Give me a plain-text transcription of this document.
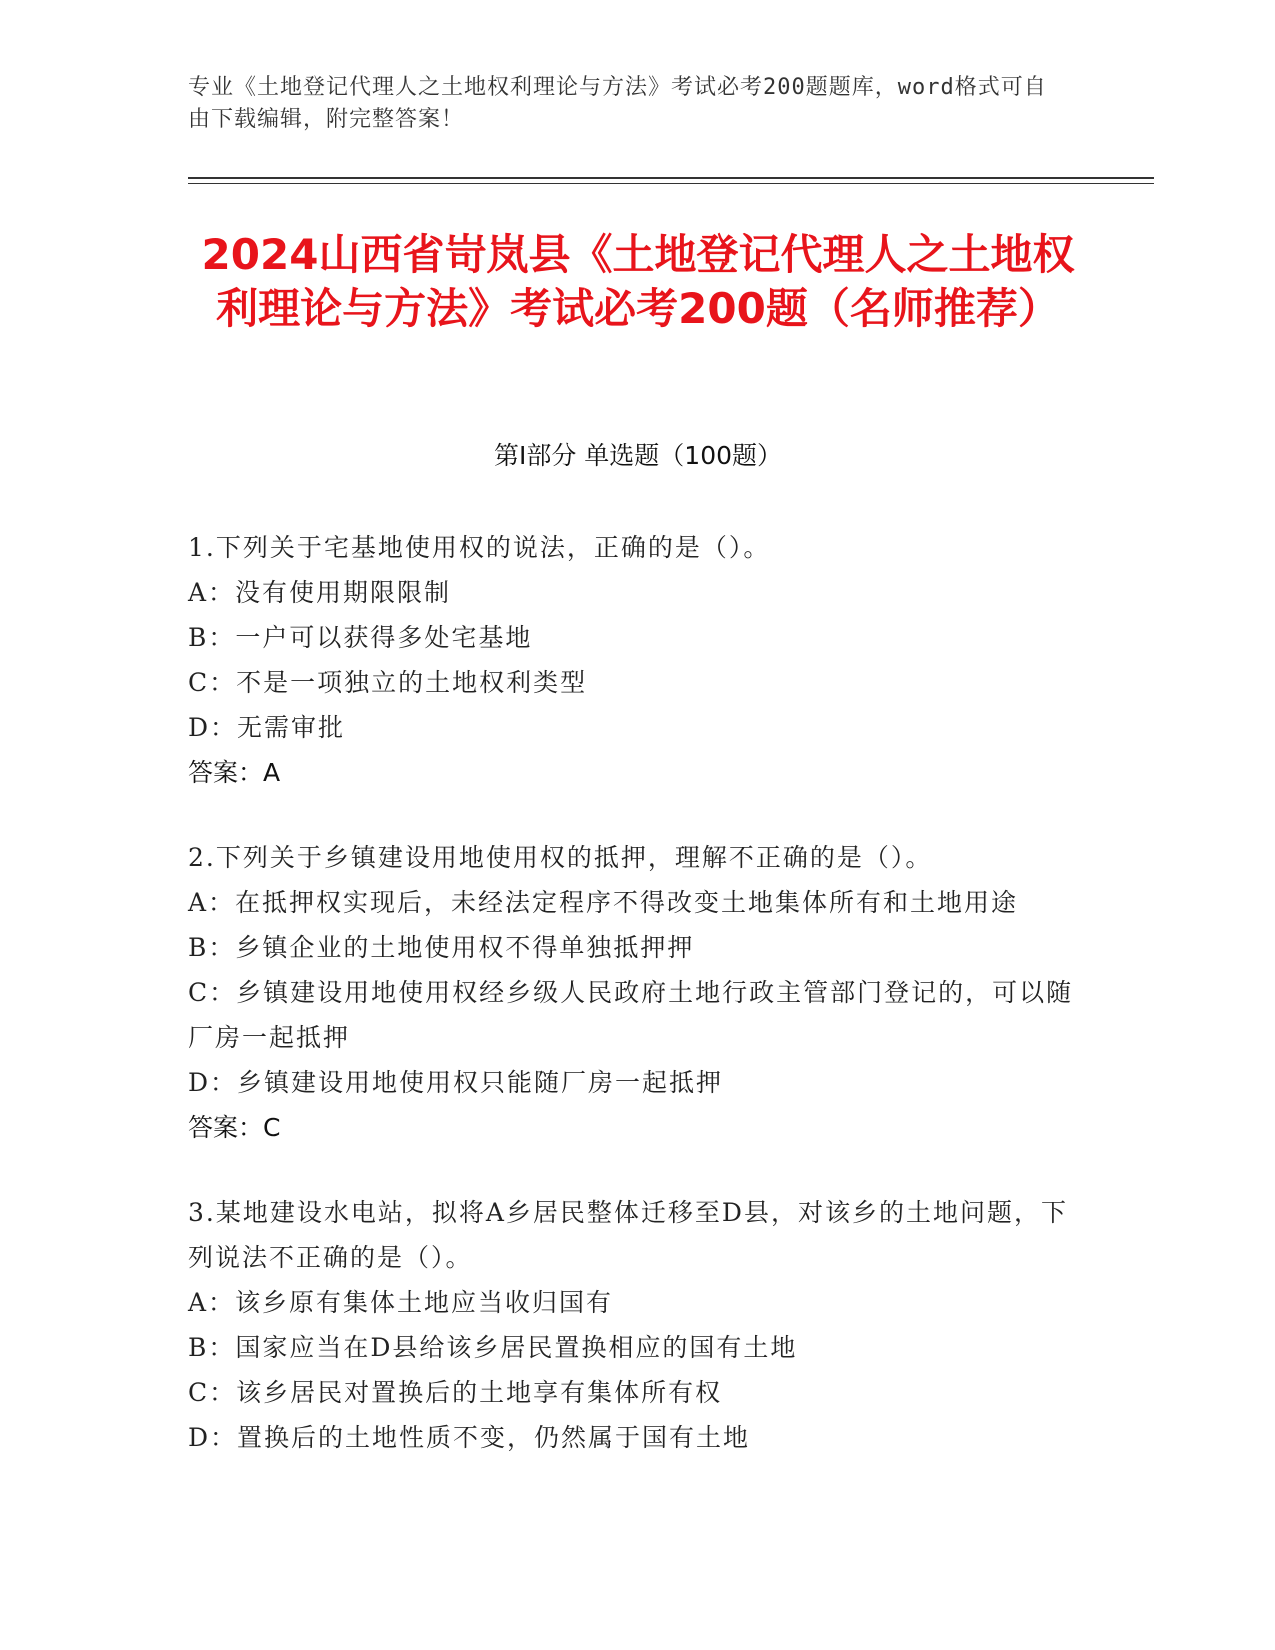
专业《土地登记代理人之土地权利理论与方法》考试必考200题题库，word格式可自由下载编辑，附完整答案！
2024山西省岢岚县《土地登记代理人之土地权利理论与方法》考试必考200题（名师推荐）
第Ⅰ部分 单选题（100题）
1.下列关于宅基地使用权的说法，正确的是（）。
A：没有使用期限限制
B：一户可以获得多处宅基地
C：不是一项独立的土地权利类型
D：无需审批
答案：A
2.下列关于乡镇建设用地使用权的抵押，理解不正确的是（）。
A：在抵押权实现后，未经法定程序不得改变土地集体所有和土地用途
B：乡镇企业的土地使用权不得单独抵押押
C：乡镇建设用地使用权经乡级人民政府土地行政主管部门登记的，可以随厂房一起抵押
D：乡镇建设用地使用权只能随厂房一起抵押
答案：C
3.某地建设水电站，拟将A乡居民整体迁移至D县，对该乡的土地问题，下列说法不正确的是（）。
A：该乡原有集体土地应当收归国有
B：国家应当在D县给该乡居民置换相应的国有土地
C：该乡居民对置换后的土地享有集体所有权
D：置换后的土地性质不变，仍然属于国有土地
